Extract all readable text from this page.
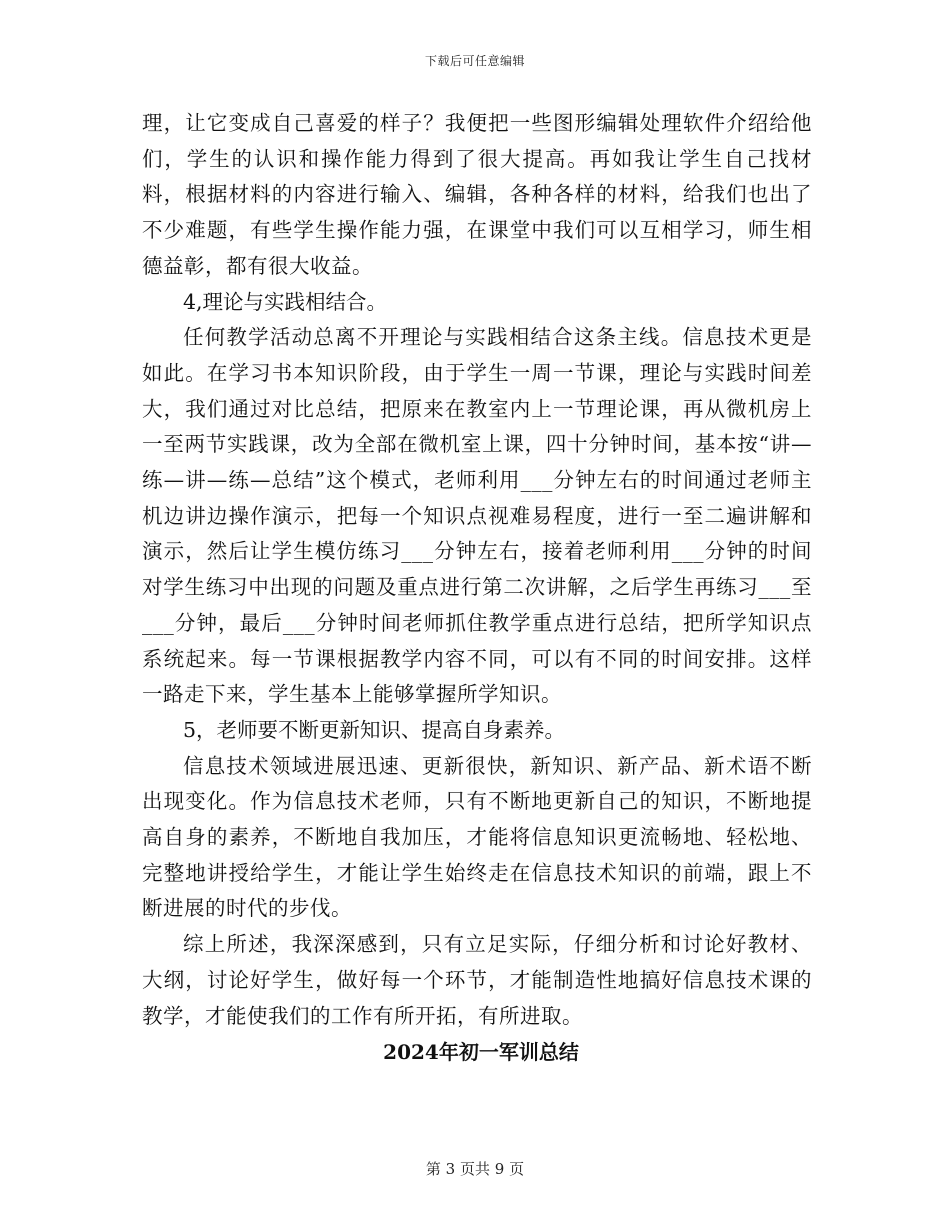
下载后可任意编辑

理，让它变成自己喜爱的样子？我便把一些图形编辑处理软件介绍给他们，学生的认识和操作能力得到了很大提高。再如我让学生自己找材料，根据材料的内容进行输入、编辑，各种各样的材料，给我们也出了不少难题，有些学生操作能力强，在课堂中我们可以互相学习，师生相德益彰，都有很大收益。

4,理论与实践相结合。

任何教学活动总离不开理论与实践相结合这条主线。信息技术更是如此。在学习书本知识阶段，由于学生一周一节课，理论与实践时间差大，我们通过对比总结，把原来在教室内上一节理论课，再从微机房上一至两节实践课，改为全部在微机室上课，四十分钟时间，基本按“讲—练—讲—练—总结”这个模式，老师利用___分钟左右的时间通过老师主机边讲边操作演示，把每一个知识点视难易程度，进行一至二遍讲解和演示，然后让学生模仿练习___分钟左右，接着老师利用___分钟的时间对学生练习中出现的问题及重点进行第二次讲解，之后学生再练习___至___分钟，最后___分钟时间老师抓住教学重点进行总结，把所学知识点系统起来。每一节课根据教学内容不同，可以有不同的时间安排。这样一路走下来，学生基本上能够掌握所学知识。

5，老师要不断更新知识、提高自身素养。

信息技术领域进展迅速、更新很快，新知识、新产品、新术语不断出现变化。作为信息技术老师，只有不断地更新自己的知识，不断地提高自身的素养，不断地自我加压，才能将信息知识更流畅地、轻松地、完整地讲授给学生，才能让学生始终走在信息技术知识的前端，跟上不断进展的时代的步伐。

综上所述，我深深感到，只有立足实际，仔细分析和讨论好教材、大纲，讨论好学生，做好每一个环节，才能制造性地搞好信息技术课的教学，才能使我们的工作有所开拓，有所进取。

2024年初一军训总结

第 3 页共 9 页
